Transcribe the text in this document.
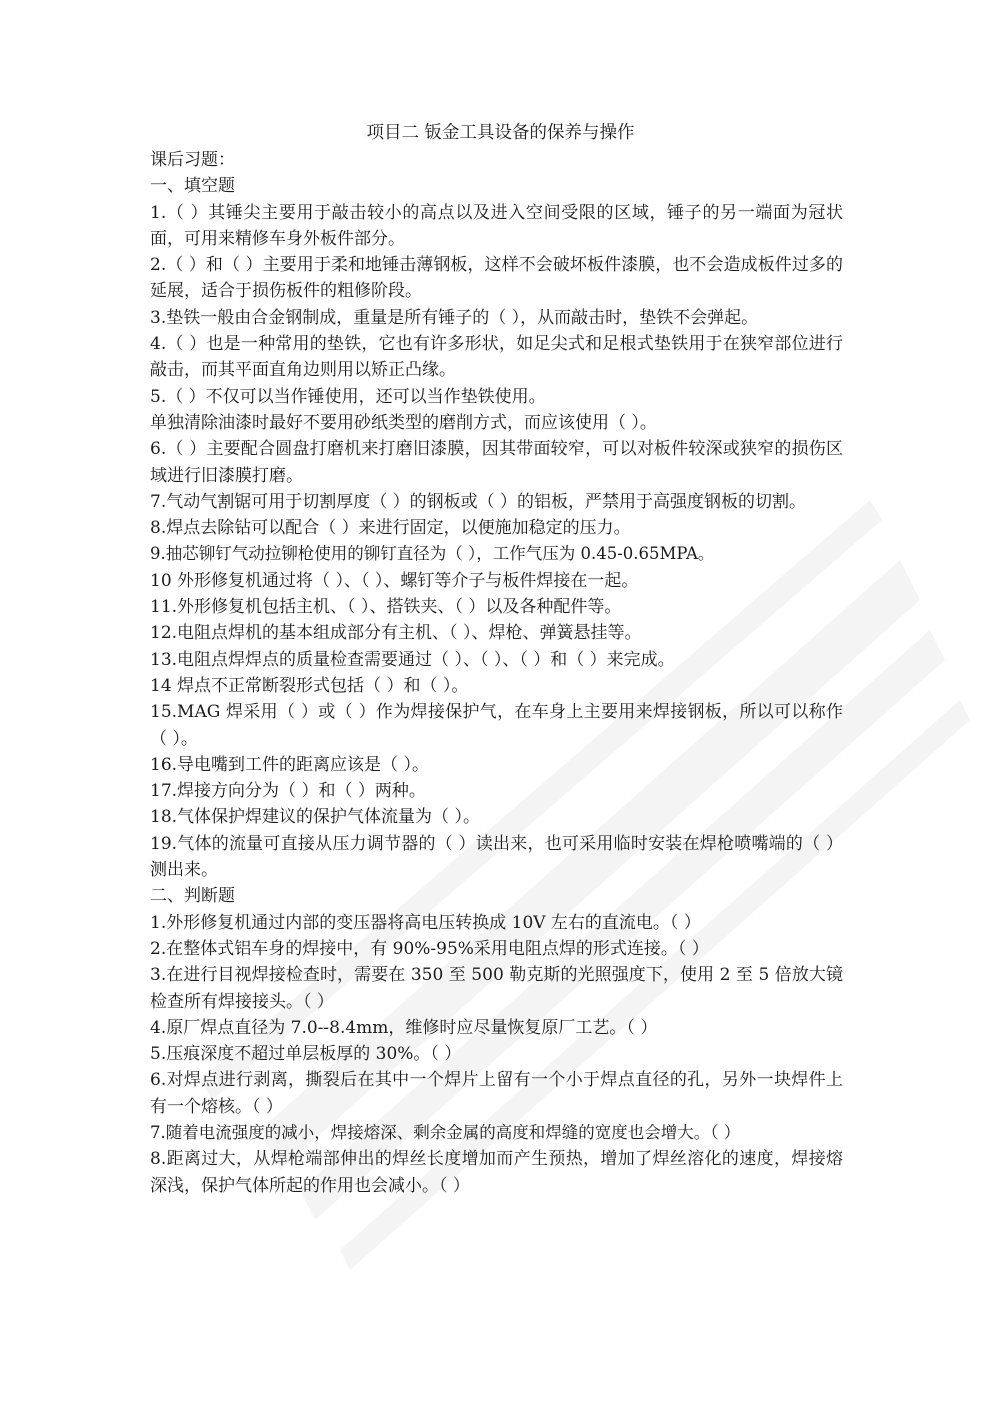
项目二 钣金工具设备的保养与操作

课后习题：

一、填空题

1.（ ）其锤尖主要用于敲击较小的高点以及进入空间受限的区域，锤子的另一端面为冠状面，可用来精修车身外板件部分。

2.（ ）和（ ）主要用于柔和地锤击薄钢板，这样不会破坏板件漆膜，也不会造成板件过多的延展，适合于损伤板件的粗修阶段。

3.垫铁一般由合金钢制成，重量是所有锤子的（ ），从而敲击时，垫铁不会弹起。

4.（ ）也是一种常用的垫铁，它也有许多形状，如足尖式和足根式垫铁用于在狭窄部位进行敲击，而其平面直角边则用以矫正凸缘。

5.（ ）不仅可以当作锤使用，还可以当作垫铁使用。

单独清除油漆时最好不要用砂纸类型的磨削方式，而应该使用（ ）。

6.（ ）主要配合圆盘打磨机来打磨旧漆膜，因其带面较窄，可以对板件较深或狭窄的损伤区域进行旧漆膜打磨。

7.气动气割锯可用于切割厚度（ ）的钢板或（ ）的铝板，严禁用于高强度钢板的切割。

8.焊点去除钻可以配合（ ）来进行固定，以便施加稳定的压力。

9.抽芯铆钉气动拉铆枪使用的铆钉直径为（ ），工作气压为 0.45-0.65MPA。

10 外形修复机通过将（ ）、（ ）、螺钉等介子与板件焊接在一起。

11.外形修复机包括主机、（ ）、搭铁夹、（ ）以及各种配件等。

12.电阻点焊机的基本组成部分有主机、（ ）、焊枪、弹簧悬挂等。

13.电阻点焊焊点的质量检查需要通过（ ）、（ ）、（ ）和（ ）来完成。

14 焊点不正常断裂形式包括（ ）和（ ）。

15.MAG 焊采用（ ）或（ ）作为焊接保护气，在车身上主要用来焊接钢板，所以可以称作（ ）。

16.导电嘴到工件的距离应该是（ ）。

17.焊接方向分为（ ）和（ ）两种。

18.气体保护焊建议的保护气体流量为（ ）。

19.气体的流量可直接从压力调节器的（ ）读出来，也可采用临时安装在焊枪喷嘴端的（ ）测出来。

二、判断题

1.外形修复机通过内部的变压器将高电压转换成 10V 左右的直流电。（ ）

2.在整体式铝车身的焊接中，有 90%-95%采用电阻点焊的形式连接。（ ）

3.在进行目视焊接检查时，需要在 350 至 500 勒克斯的光照强度下，使用 2 至 5 倍放大镜检查所有焊接接头。（ ）

4.原厂焊点直径为 7.0--8.4mm，维修时应尽量恢复原厂工艺。（ ）

5.压痕深度不超过单层板厚的 30%。（ ）

6.对焊点进行剥离，撕裂后在其中一个焊片上留有一个小于焊点直径的孔，另外一块焊件上有一个熔核。（ ）

7.随着电流强度的减小，焊接熔深、剩余金属的高度和焊缝的宽度也会增大。（ ）

8.距离过大，从焊枪端部伸出的焊丝长度增加而产生预热，增加了焊丝溶化的速度，焊接熔深浅，保护气体所起的作用也会减小。（ ）
